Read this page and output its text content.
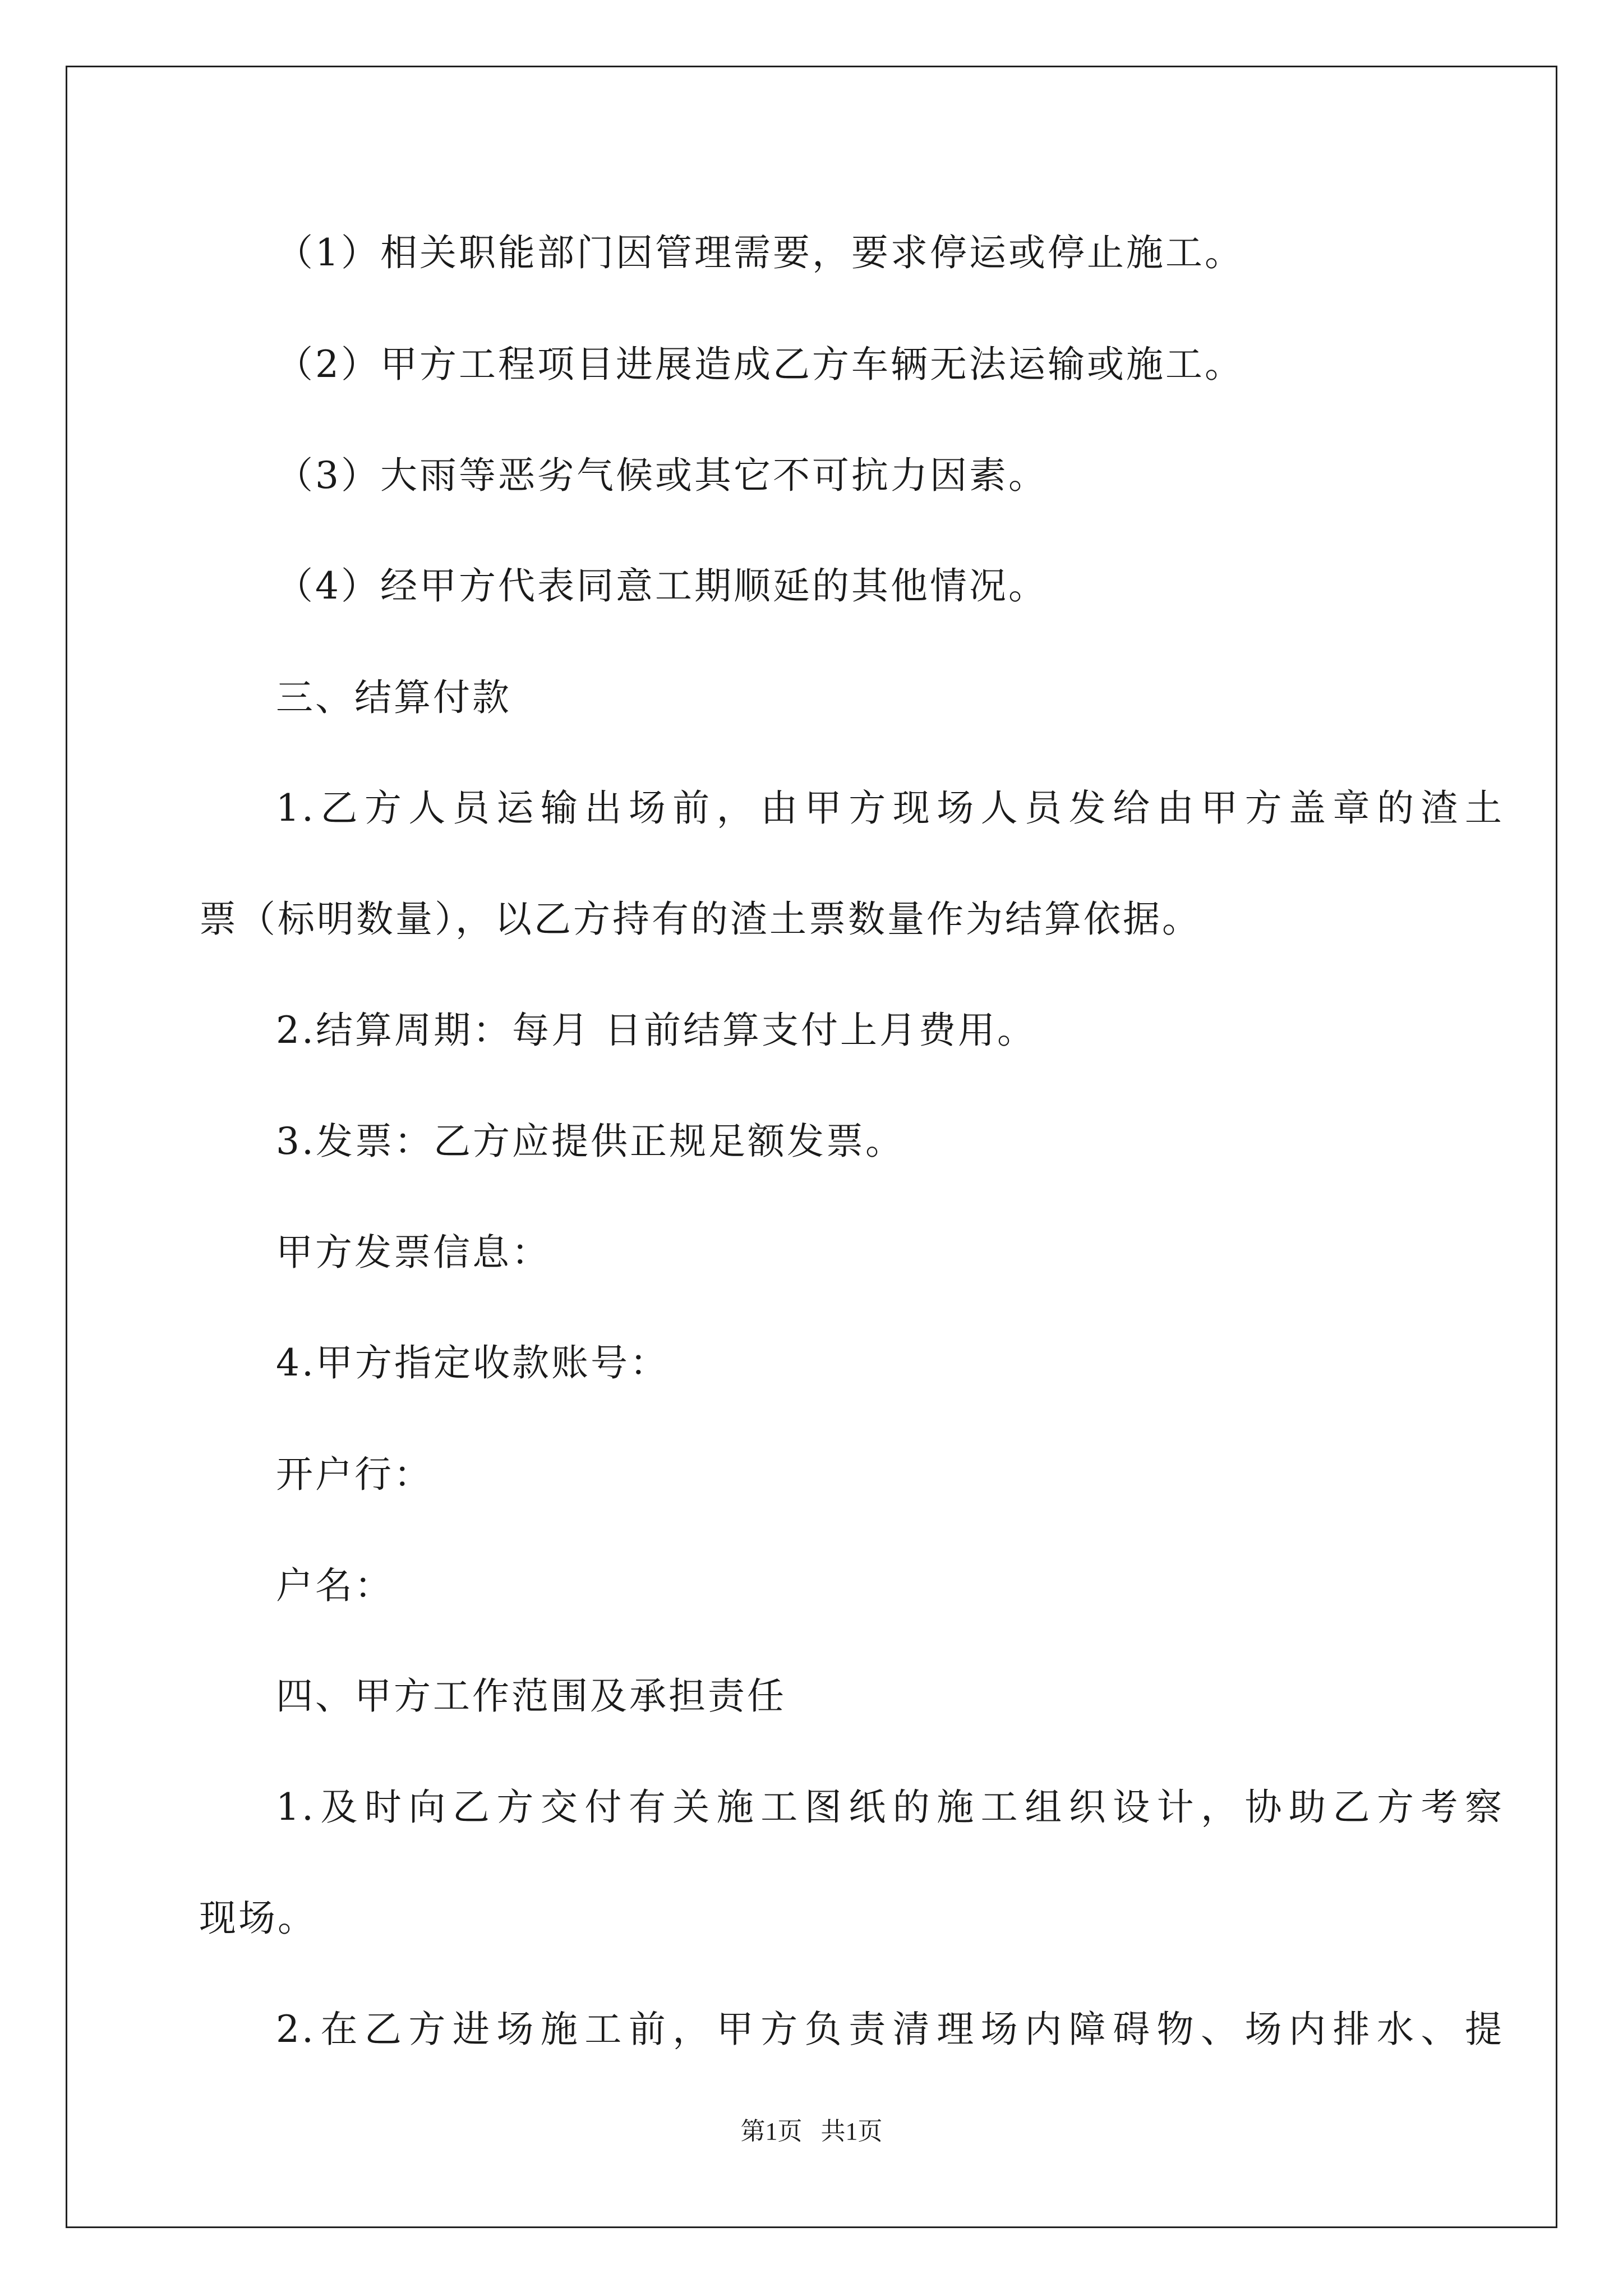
（1）相关职能部门因管理需要，要求停运或停止施工。
（2）甲方工程项目进展造成乙方车辆无法运输或施工。
（3）大雨等恶劣气候或其它不可抗力因素。
（4）经甲方代表同意工期顺延的其他情况。
三、结算付款
1.乙方人员运输出场前，由甲方现场人员发给由甲方盖章的渣土
票（标明数量），以乙方持有的渣土票数量作为结算依据。
2.结算周期：每月 日前结算支付上月费用。
3.发票：乙方应提供正规足额发票。
甲方发票信息：
4.甲方指定收款账号：
开户行：
户名：
四、甲方工作范围及承担责任
1.及时向乙方交付有关施工图纸的施工组织设计，协助乙方考察
现场。
2.在乙方进场施工前，甲方负责清理场内障碍物、场内排水、提
第1页   共1页
